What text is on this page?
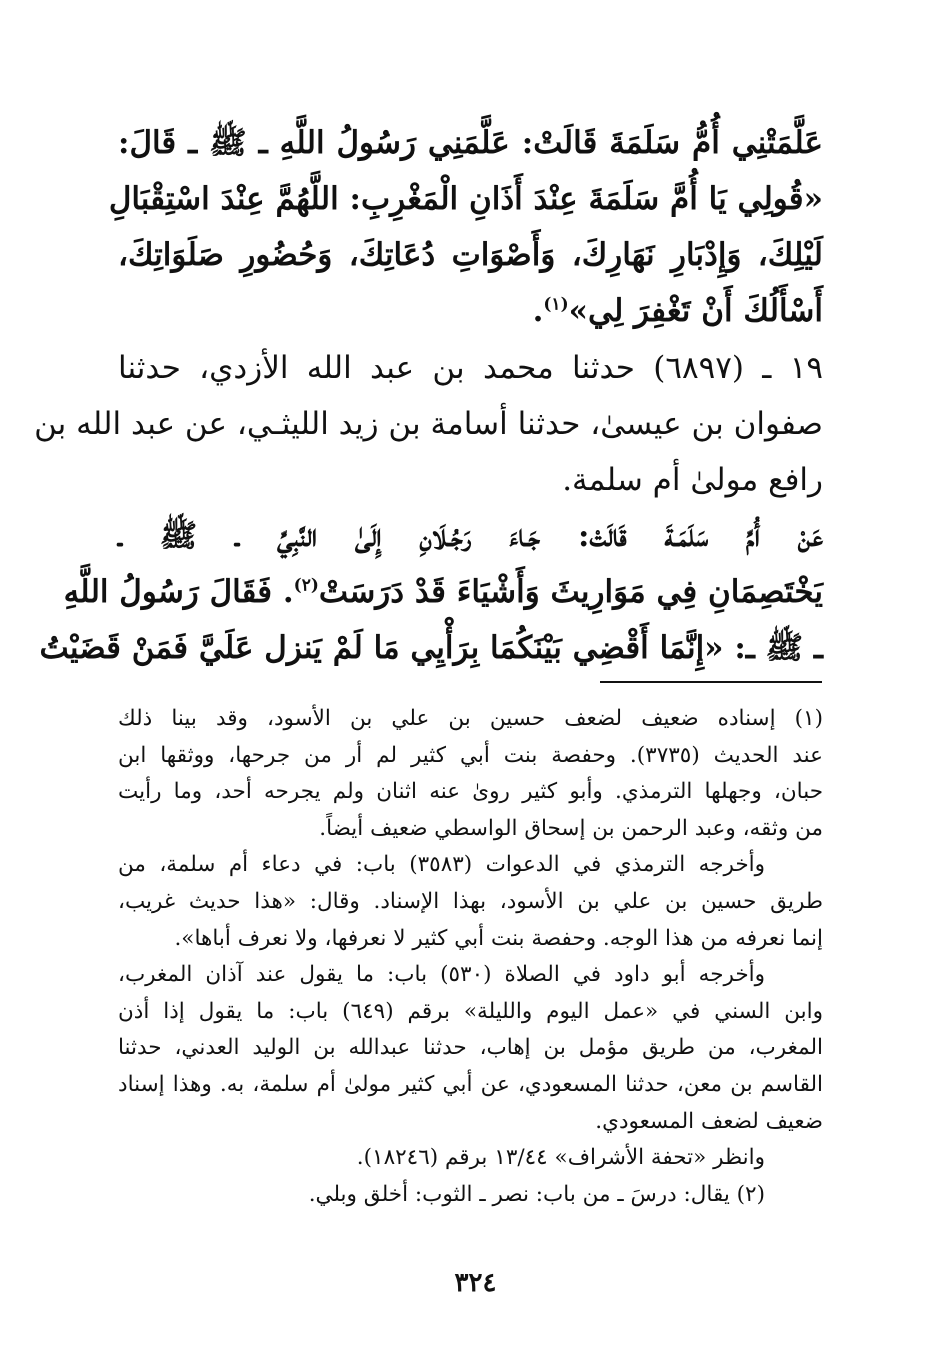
عَلَّمَتْنِي أُمُّ سَلَمَةَ قَالَتْ: عَلَّمَنِي رَسُولُ اللَّهِ ـ ﷺ ـ قَالَ:
«قُولِي يَا أُمَّ سَلَمَةَ عِنْدَ أَذَانِ الْمَغْرِبِ: اللَّهُمَّ عِنْدَ اسْتِقْبَالِ
لَيْلِكَ، وَإِدْبَارِ نَهَارِكَ، وَأَصْوَاتِ دُعَاتِكَ، وَحُضُورِ صَلَوَاتِكَ،
أَسْأَلُكَ أَنْ تَغْفِرَ لِي»$^{(١)}$.
١٩ ـ (٦٨٩٧) حدثنا محمد بن عبد الله الأزدي، حدثنا
صفوان بن عيسىٰ، حدثنا أسامة بن زيد الليثـي، عن عبد الله بن
رافع مولىٰ أم سلمة.
عَنْ أُمِّ سَلَمَـةَ قَالَتْ: جَـاءَ رَجُـلَانِ إِلَىٰ النَّبِيِّ ـ ﷺ ـ
يَخْتَصِمَانِ فِي مَوَارِيثَ وَأَشْيَاءَ قَدْ دَرَسَتْ$^{(٢)}$. فَقَالَ رَسُولُ اللَّهِ
ـ ﷺ ـ: «إِنَّمَا أَقْضِي بَيْنَكُمَا بِرَأْيِي مَا لَمْ يَنزل عَلَيَّ فَمَنْ قَضَيْتُ
(١) إسناده ضعيف لضعف حسين بن علي بن الأسود، وقد بينا ذلك
عند الحديث (٣٧٣٥). وحفصة بنت أبي كثير لم أر من جرحها، ووثقها ابن
حبان، وجهلها الترمذي. وأبو كثير روىٰ عنه اثنان ولم يجرحه أحد، وما رأيت
من وثقه، وعبد الرحمن بن إسحاق الواسطي ضعيف أيضاً.
وأخرجه الترمذي في الدعوات (٣٥٨٣) باب: في دعاء أم سلمة، من
طريق حسين بن علي بن الأسود، بهذا الإسناد. وقال: «هذا حديث غريب،
إنما نعرفه من هذا الوجه. وحفصة بنت أبي كثير لا نعرفها، ولا نعرف أباها».
وأخرجه أبو داود في الصلاة (٥٣٠) باب: ما يقول عند آذان المغرب،
وابن السني في «عمل اليوم والليلة» برقم (٦٤٩) باب: ما يقول إذا أذن
المغرب، من طريق مؤمل بن إهاب، حدثنا عبدالله بن الوليد العدني، حدثنا
القاسم بن معن، حدثنا المسعودي، عن أبي كثير مولىٰ أم سلمة، به. وهذا إسناد
ضعيف لضعف المسعودي.
وانظر «تحفة الأشراف» ١٣/٤٤ برقم (١٨٢٤٦).
(٢) يقال: درسَ ـ من باب: نصر ـ الثوب: أخلق وبلي.
٣٢٤
